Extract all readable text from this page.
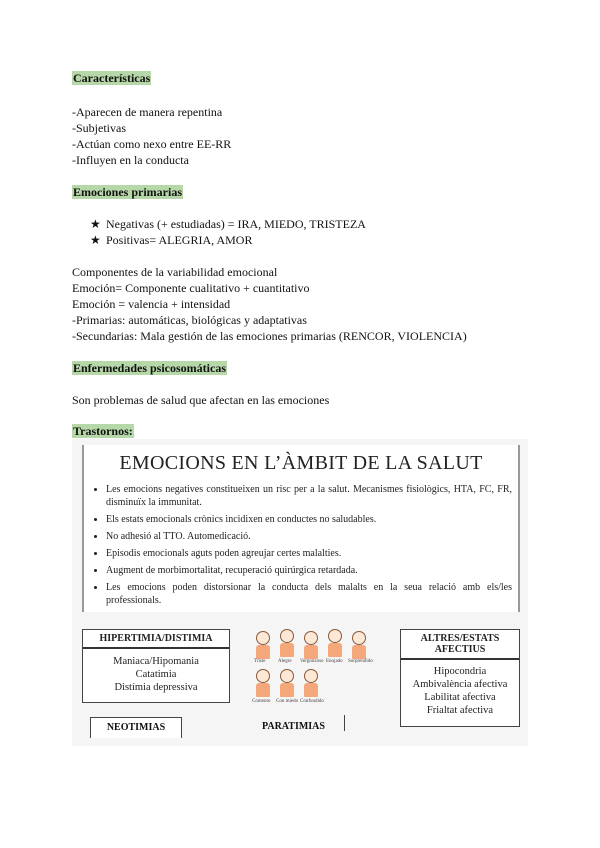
Características
-Aparecen de manera repentina
-Subjetivas
-Actúan como nexo entre EE-RR
-Influyen en la conducta
Emociones primarias
★ Negativas (+ estudiadas) = IRA, MIEDO, TRISTEZA
★ Positivas= ALEGRIA, AMOR
Componentes de la variabilidad emocional
Emoción= Componente cualitativo + cuantitativo
Emoción = valencia + intensidad
-Primarias: automáticas, biológicas y adaptativas
-Secundarias: Mala gestión de las emociones primarias (RENCOR, VIOLENCIA)
Enfermedades psicosomáticas
Son problemas de salud que afectan en las emociones
Trastornos:
EMOCIONS EN L’ÀMBIT DE LA SALUT
• Les emocions negatives constitueixen un risc per a la salut. Mecanismes fisiològics, HTA, FC, FR, disminuïx la immunitat.
• Els estats emocionals crònics incidixen en conductes no saludables.
• No adhesió al TTO. Automedicació.
• Episodis emocionals aguts poden agreujar certes malalties.
• Augment de morbimortalitat, recuperació quirúrgica retardada.
• Les emocions poden distorsionar la conducta dels malalts en la seua relació amb els/les professionals.
HIPERTIMIA/DISTIMIA
Maniaca/Hipomania
Catatimia
Distímia depressiva
Triste	Alegre Vergonzoso Enojado Sorprendido
Contento Con miedo Confundido
ALTRES/ESTATS AFECTIUS
Hipocondria
Ambivalència afectiva
Labilitat afectiva
Frialtat afectiva
NEOTIMIAS	PARATIMIAS
